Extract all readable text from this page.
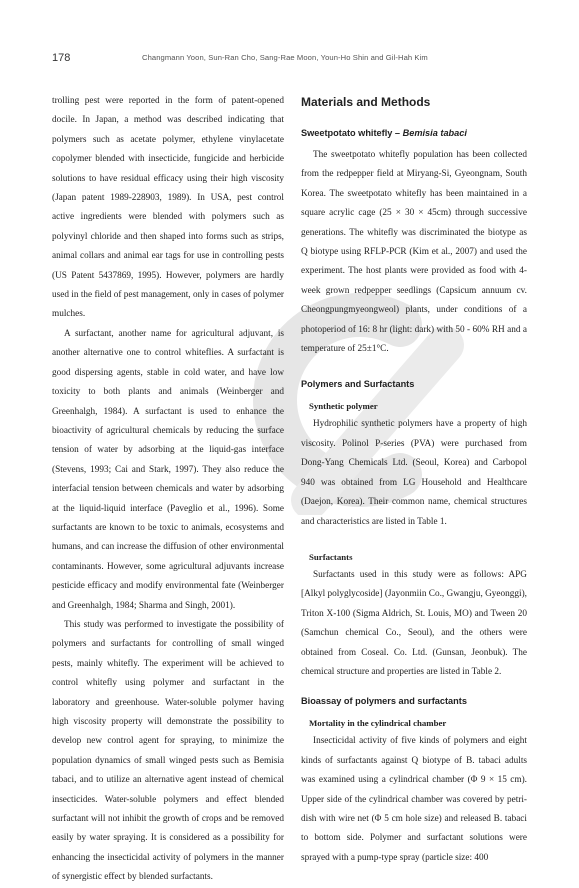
178	Changmann Yoon, Sun-Ran Cho, Sang-Rae Moon, Youn-Ho Shin and Gil-Hah Kim

trolling pest were reported in the form of patent-opened docile. In Japan, a method was described indicating that polymers such as acetate polymer, ethylene vinylacetate copolymer blended with insecticide, fungicide and herbicide solutions to have residual efficacy using their high viscosity (Japan patent 1989-228903, 1989). In USA, pest control active ingredients were blended with polymers such as polyvinyl chloride and then shaped into forms such as strips, animal collars and animal ear tags for use in controlling pests (US Patent 5437869, 1995). However, polymers are hardly used in the field of pest management, only in cases of polymer mulches.

A surfactant, another name for agricultural adjuvant, is another alternative one to control whiteflies. A surfactant is good dispersing agents, stable in cold water, and have low toxicity to both plants and animals (Weinberger and Greenhalgh, 1984). A surfactant is used to enhance the bioactivity of agricultural chemicals by reducing the surface tension of water by adsorbing at the liquid-gas interface (Stevens, 1993; Cai and Stark, 1997). They also reduce the interfacial tension between chemicals and water by adsorbing at the liquid-liquid interface (Paveglio et al., 1996). Some surfactants are known to be toxic to animals, ecosystems and humans, and can increase the diffusion of other environmental contaminants. However, some agricultural adjuvants increase pesticide efficacy and modify environmental fate (Weinberger and Greenhalgh, 1984; Sharma and Singh, 2001).

This study was performed to investigate the possibility of polymers and surfactants for controlling of small winged pests, mainly whitefly. The experiment will be achieved to control whitefly using polymer and surfactant in the laboratory and greenhouse. Water-soluble polymer having high viscosity property will demonstrate the possibility to develop new control agent for spraying, to minimize the population dynamics of small winged pests such as Bemisia tabaci, and to utilize an alternative agent instead of chemical insecticides. Water-soluble polymers and effect blended surfactant will not inhibit the growth of crops and be removed easily by water spraying. It is considered as a possibility for enhancing the insecticidal activity of polymers in the manner of synergistic effect by blended surfactants.

Materials and Methods
Sweetpotato whitefly – Bemisia tabaci

The sweetpotato whitefly population has been collected from the redpepper field at Miryang-Si, Gyeongnam, South Korea. The sweetpotato whitefly has been maintained in a square acrylic cage (25 × 30 × 45cm) through successive generations. The whitefly was discriminated the biotype as Q biotype using RFLP-PCR (Kim et al., 2007) and used the experiment. The host plants were provided as food with 4-week grown redpepper seedlings (Capsicum annuum cv. Cheongpungmyeongweol) plants, under conditions of a photoperiod of 16: 8 hr (light: dark) with 50 - 60% RH and a temperature of 25±1°C.

Polymers and Surfactants
Synthetic polymer

Hydrophilic synthetic polymers have a property of high viscosity. Polinol P-series (PVA) were purchased from Dong-Yang Chemicals Ltd. (Seoul, Korea) and Carbopol 940 was obtained from LG Household and Healthcare (Daejon, Korea). Their common name, chemical structures and characteristics are listed in Table 1.

Surfactants

Surfactants used in this study were as follows: APG [Alkyl polyglycoside] (Jayonmiin Co., Gwangju, Gyeonggi), Triton X-100 (Sigma Aldrich, St. Louis, MO) and Tween 20 (Samchun chemical Co., Seoul), and the others were obtained from Coseal. Co. Ltd. (Gunsan, Jeonbuk). The chemical structure and properties are listed in Table 2.

Bioassay of polymers and surfactants
Mortality in the cylindrical chamber

Insecticidal activity of five kinds of polymers and eight kinds of surfactants against Q biotype of B. tabaci adults was examined using a cylindrical chamber (Φ 9 × 15 cm). Upper side of the cylindrical chamber was covered by petri-dish with wire net (Φ 5 cm hole size) and released B. tabaci to bottom side. Polymer and surfactant solutions were sprayed with a pump-type spray (particle size: 400
